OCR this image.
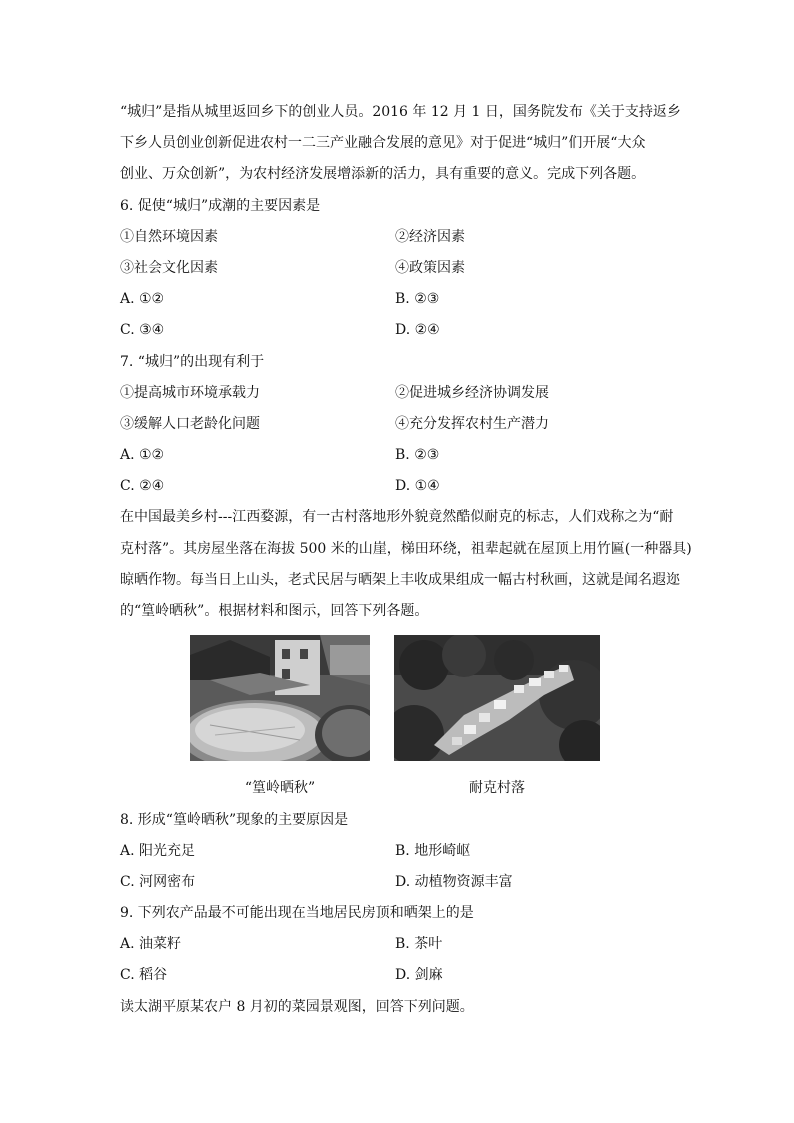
“城归”是指从城里返回乡下的创业人员。2016 年 12 月 1 日，国务院发布《关于支持返乡
下乡人员创业创新促进农村一二三产业融合发展的意见》对于促进“城归”们开展“大众
创业、万众创新”，为农村经济发展增添新的活力，具有重要的意义。完成下列各题。
6. 促使“城归”成潮的主要因素是
①自然环境因素	②经济因素
③社会文化因素	④政策因素
A. ①②	B. ②③
C. ③④	D. ②④
7. “城归”的出现有利于
①提高城市环境承载力	②促进城乡经济协调发展
③缓解人口老龄化问题	④充分发挥农村生产潜力
A. ①②	B. ②③
C. ②④	D. ①④
在中国最美乡村---江西婺源，有一古村落地形外貌竟然酷似耐克的标志，人们戏称之为“耐
克村落”。其房屋坐落在海拔 500 米的山崖，梯田环绕，祖辈起就在屋顶上用竹匾(一种器具)
晾晒作物。每当日上山头，老式民居与晒架上丰收成果组成一幅古村秋画，这就是闻名遐迩
的“篁岭晒秋”。根据材料和图示，回答下列各题。
“篁岭晒秋”	耐克村落
8. 形成“篁岭晒秋”现象的主要原因是
A. 阳光充足	B. 地形崎岖
C. 河网密布	D. 动植物资源丰富
9. 下列农产品最不可能出现在当地居民房顶和晒架上的是
A. 油菜籽	B. 茶叶
C. 稻谷	D. 剑麻
读太湖平原某农户 8 月初的菜园景观图，回答下列问题。
